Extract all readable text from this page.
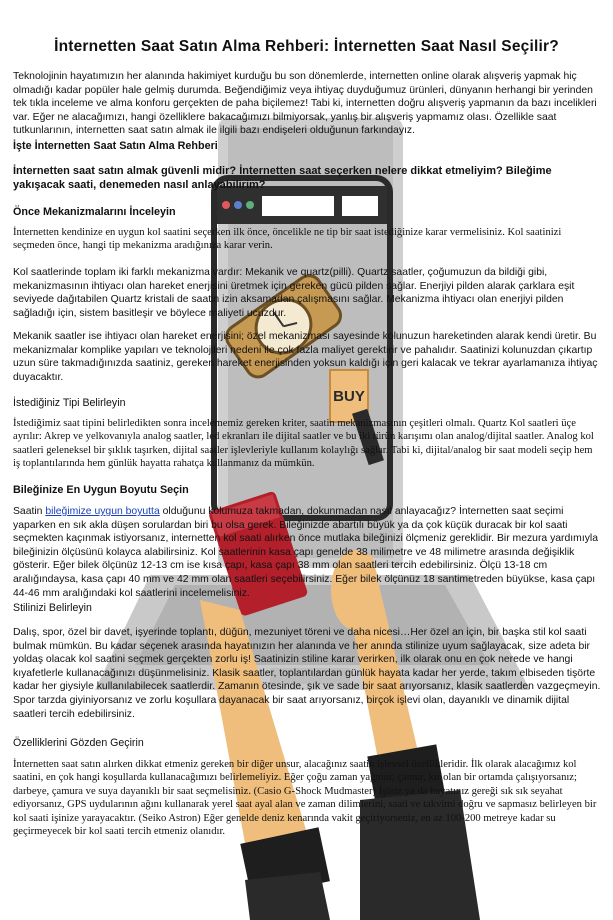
BUY
İnternetten Saat Satın Alma Rehberi: İnternetten Saat Nasıl Seçilir?

Teknolojinin hayatımızın her alanında hakimiyet kurduğu bu son dönemlerde, internetten online olarak alışveriş yapmak hiç olmadığı kadar popüler hale gelmiş durumda. Beğendiğimiz veya ihtiyaç duyduğumuz ürünleri, dünyanın herhangi bir yerinden tek tıkla inceleme ve alma konforu gerçekten de paha biçilemez! Tabi ki, internetten doğru alışveriş yapmanın da bazı incelikleri var. Eğer ne alacağımızı, hangi özelliklere bakacağımızı bilmiyorsak, yanlış bir alışveriş yapmamız olası. Özellikle saat tutkunlarının, internetten saat satın almak ile ilgili bazı endişeleri olduğunun farkındayız.

İşte İnternetten Saat Satın Alma Rehberi

İnternetten saat satın almak güvenli midir? İnternetten saat seçerken nelere dikkat etmeliyim? Bileğime yakışacak saati, denemeden nasıl anlayabilirim?

Önce Mekanizmalarını İnceleyin

İnternetten kendinize en uygun kol saatini seçerken ilk önce, öncelikle ne tip bir saat istediğinize karar vermelisiniz. Kol saatinizi seçmeden önce, hangi tip mekanizma aradığınıza karar verin.

Kol saatlerinde toplam iki farklı mekanizma vardır: Mekanik ve quartz(pilli). Quartz saatler, çoğumuzun da bildiği gibi, mekanizmasının ihtiyacı olan hareket enerjisini üretmek için gereken gücü pilden sağlar. Enerjiyi pilden alarak çarklara eşit seviyede dağıtabilen Quartz kristali de saatin izin aksamadan çalışmasını sağlar. Mekanizma ihtiyacı olan enerjiyi pilden sağladığı için, sistem basitleşir ve böylece maliyeti ucuzdur.

Mekanik saatler ise ihtiyacı olan hareket enerjisini; özel mekanizması sayesinde kolunuzun hareketinden alarak kendi üretir. Bu mekanizmalar komplike yapıları ve teknolojileri nedeni ile çok fazla maliyet gerektirir ve pahalıdır. Saatinizi kolunuzdan çıkartıp uzun süre takmadığınızda saatiniz, gereken hareket enerjisinden yoksun kaldığı için geri kalacak ve tekrar ayarlamanıza ihtiyaç duyacaktır.

İstediğiniz Tipi Belirleyin

İstediğimiz saat tipini belirledikten sonra incelememiz gereken kriter, saatin mekanizmasının çeşitleri olmalı. Quartz Kol saatleri üçe ayrılır: Akrep ve yelkovanıyla analog saatler, led ekranları ile dijital saatler ve bu iki türün karışımı olan analog/dijital saatler. Analog kol saatleri geleneksel bir şıklık taşırken, dijital saatler işlevleriyle kullanım kolaylığı sağlar. Tabi ki, dijital/analog bir saat modeli seçip hem iş toplantılarında hem günlük hayatta rahatça kullanmanız da mümkün.

Bileğinize En Uygun Boyutu Seçin

Saatin bileğimize uygun boyutta olduğunu kolumuza takmadan, dokunmadan nasıl anlayacağız? İnternetten saat seçimi yaparken en sık akla düşen sorulardan biri bu olsa gerek. Bileğinizde abartılı büyük ya da çok küçük duracak bir kol saati seçmekten kaçınmak istiyorsanız, internetten kol saati alırken önce mutlaka bileğinizi ölçmeniz gereklidir. Bir mezura yardımıyla bileğinizin ölçüsünü kolayca alabilirsiniz. Kol saatlerinin kasa çapı genelde 38 milimetre ve 48 milimetre arasında değişiklik gösterir. Eğer bilek ölçünüz 12-13 cm ise kısa çapı, kasa çapı 38 mm olan saatleri tercih edebilirsiniz. Ölçü 13-18 cm aralığındaysa, kasa çapı 40 mm ve 42 mm olan saatleri seçebilirsiniz. Eğer bilek ölçünüz 18 santimetreden büyükse, kasa çapı 44-46 mm aralığındaki kol saatlerini incelemelisiniz.

Stilinizi Belirleyin

Dalış, spor, özel bir davet, işyerinde toplantı, düğün, mezuniyet töreni ve daha nicesi…Her özel an için, bir başka stil kol saati bulmak mümkün. Bu kadar seçenek arasında hayatınızın her alanında ve her anında stilinize uyum sağlayacak, size adeta bir yoldaş olacak kol saatini seçmek gerçekten zorlu iş! Saatinizin stiline karar verirken, ilk olarak onu en çok nerede ve hangi kıyafetlerle kullanacağınızı düşünmelisiniz. Klasik saatler, toplantılardan günlük hayata kadar her yerde, takım elbiseden tişörte kadar her giysiyle kullanılabilecek saatlerdir. Zamanın ötesinde, şık ve sade bir saat arıyorsanız, klasik saatlerden vazgeçmeyin. Spor tarzda giyiniyorsanız ve zorlu koşullara dayanacak bir saat arıyorsanız, birçok işlevi olan, dayanıklı ve dinamik dijital saatleri tercih edebilirsiniz.

Özelliklerini Gözden Geçirin

İnternetten saat satın alırken dikkat etmeniz gereken bir diğer unsur, alacağınız saatin işlevsel özellikleridir. İlk olarak alacağımız kol saatini, en çok hangi koşullarda kullanacağımızı belirlemeliyiz. Eğer çoğu zaman yağmur, çamur, kir olan bir ortamda çalışıyorsanız; darbeye, çamura ve suya dayanıklı bir saat seçmelisiniz. (Casio G-Shock Mudmaster) İşiniz ya da hayatınız gereği sık sık seyahat ediyorsanız, GPS uydularının ağını kullanarak yerel saat ayal alan ve zaman dilimlerini, saati ve takvimi doğru ve sapmasız belirleyen bir kol saati işinize yarayacaktır. (Seiko Astron) Eğer genelde deniz kenarında vakit geçiriyorseniz, en az 100-200 metreye kadar su geçirmeyecek bir kol saati tercih etmeniz olanıdır.
